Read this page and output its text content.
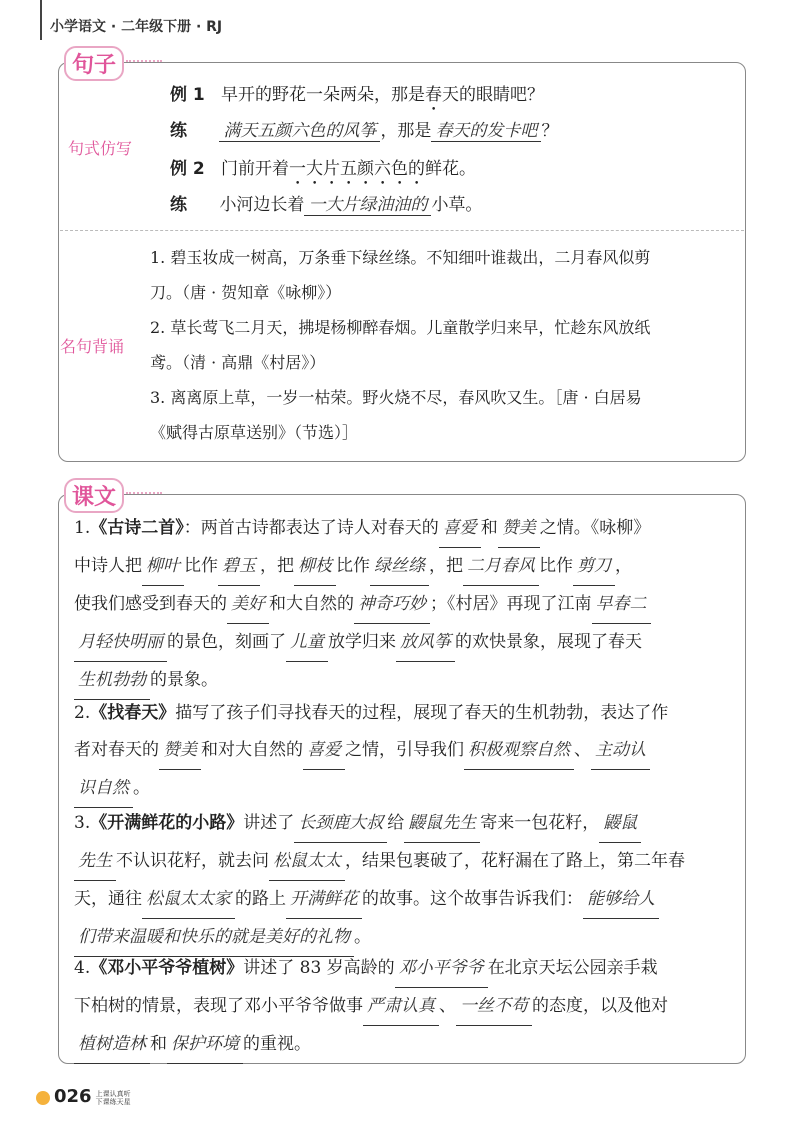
小学语文 · 二年级下册 · RJ
句子
句式仿写
例 1 早开的野花一朵两朵，那是春天的眼睛吧？
练 满天五颜六色的风筝 ，那是 春天的发卡吧 ？
例 2 门前开着一大片五颜六色的鲜花。
练 小河边长着 一大片绿油油的 小草。
名句背诵
1. 碧玉妆成一树高，万条垂下绿丝绦。不知细叶谁裁出，二月春风似剪
刀。（唐 · 贺知章《咏柳》）
2. 草长莺飞二月天，拂堤杨柳醉春烟。儿童散学归来早，忙趁东风放纸
鸢。（清 · 高鼎《村居》）
3. 离离原上草，一岁一枯荣。野火烧不尽，春风吹又生。［唐 · 白居易
《赋得古原草送别》（节选）］
课文
1.《古诗二首》：两首古诗都表达了诗人对春天的 喜爱 和 赞美 之情。《咏柳》
中诗人把 柳叶 比作 碧玉 ，把 柳枝 比作 绿丝绦 ，把 二月春风 比作 剪刀 ，
使我们感受到春天的 美好 和大自然的 神奇巧妙 ；《村居》再现了江南 早春二
月轻快明丽 的景色，刻画了 儿童 放学归来 放风筝 的欢快景象，展现了春天
生机勃勃 的景象。
2.《找春天》描写了孩子们寻找春天的过程，展现了春天的生机勃勃，表达了作
者对春天的 赞美 和对大自然的 喜爱 之情，引导我们 积极观察自然 、 主动认
识自然 。
3.《开满鲜花的小路》讲述了 长颈鹿大叔 给 鼹鼠先生 寄来一包花籽， 鼹鼠
先生 不认识花籽，就去问 松鼠太太 ，结果包裹破了，花籽漏在了路上，第二年春
天，通往 松鼠太太家 的路上 开满鲜花 的故事。这个故事告诉我们： 能够给人
们带来温暖和快乐的就是美好的礼物 。
4.《邓小平爷爷植树》讲述了 83 岁高龄的 邓小平爷爷 在北京天坛公园亲手栽
下柏树的情景，表现了邓小平爷爷做事 严肃认真 、 一丝不苟 的态度，以及他对
植树造林 和 保护环境 的重视。
026 上课认真听
下课练天星
